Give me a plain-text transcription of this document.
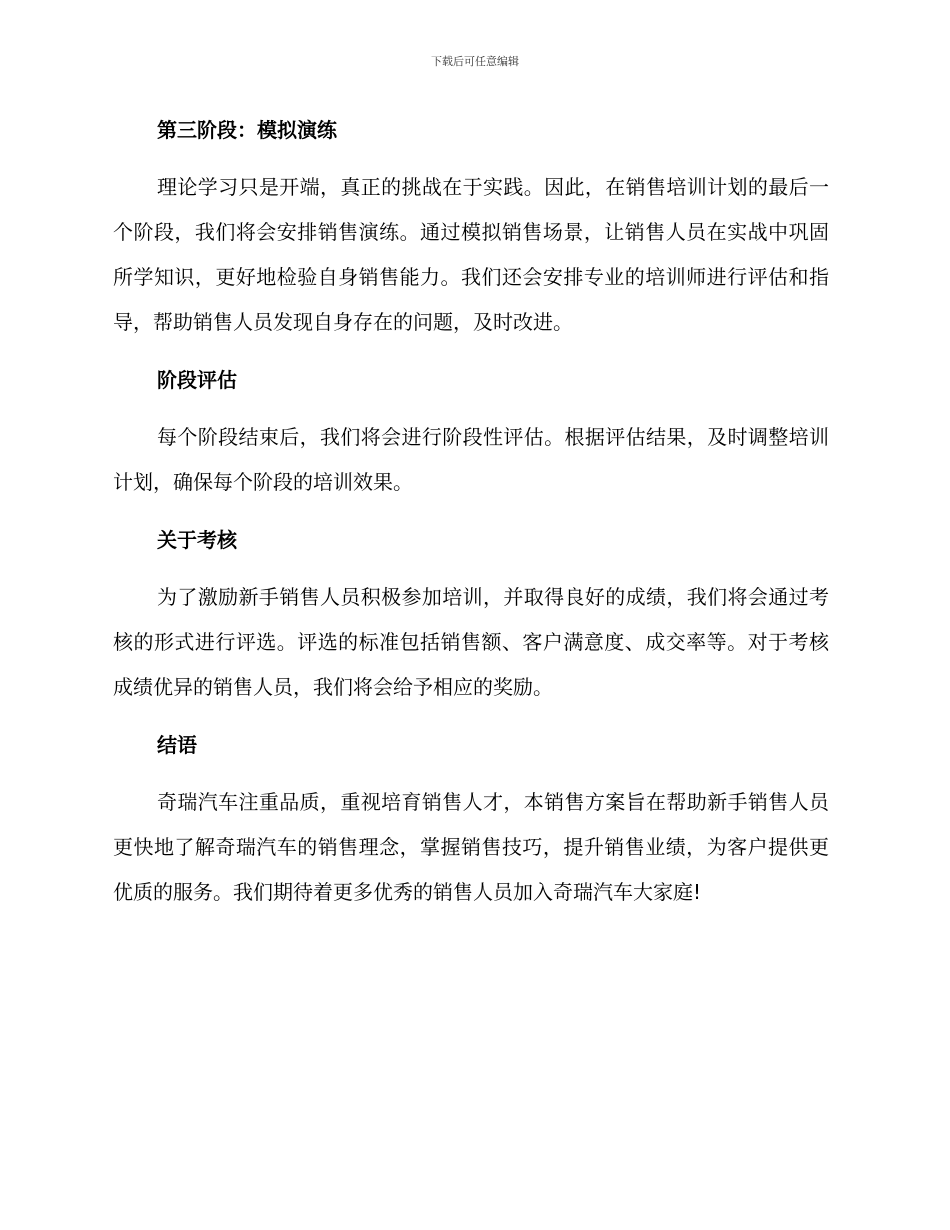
下载后可任意编辑
第三阶段：模拟演练

理论学习只是开端，真正的挑战在于实践。因此，在销售培训计划的最后一个阶段，我们将会安排销售演练。通过模拟销售场景，让销售人员在实战中巩固所学知识，更好地检验自身销售能力。我们还会安排专业的培训师进行评估和指导，帮助销售人员发现自身存在的问题，及时改进。

阶段评估

每个阶段结束后，我们将会进行阶段性评估。根据评估结果，及时调整培训计划，确保每个阶段的培训效果。

关于考核

为了激励新手销售人员积极参加培训，并取得良好的成绩，我们将会通过考核的形式进行评选。评选的标准包括销售额、客户满意度、成交率等。对于考核成绩优异的销售人员，我们将会给予相应的奖励。

结语

奇瑞汽车注重品质，重视培育销售人才，本销售方案旨在帮助新手销售人员更快地了解奇瑞汽车的销售理念，掌握销售技巧，提升销售业绩，为客户提供更优质的服务。我们期待着更多优秀的销售人员加入奇瑞汽车大家庭!
